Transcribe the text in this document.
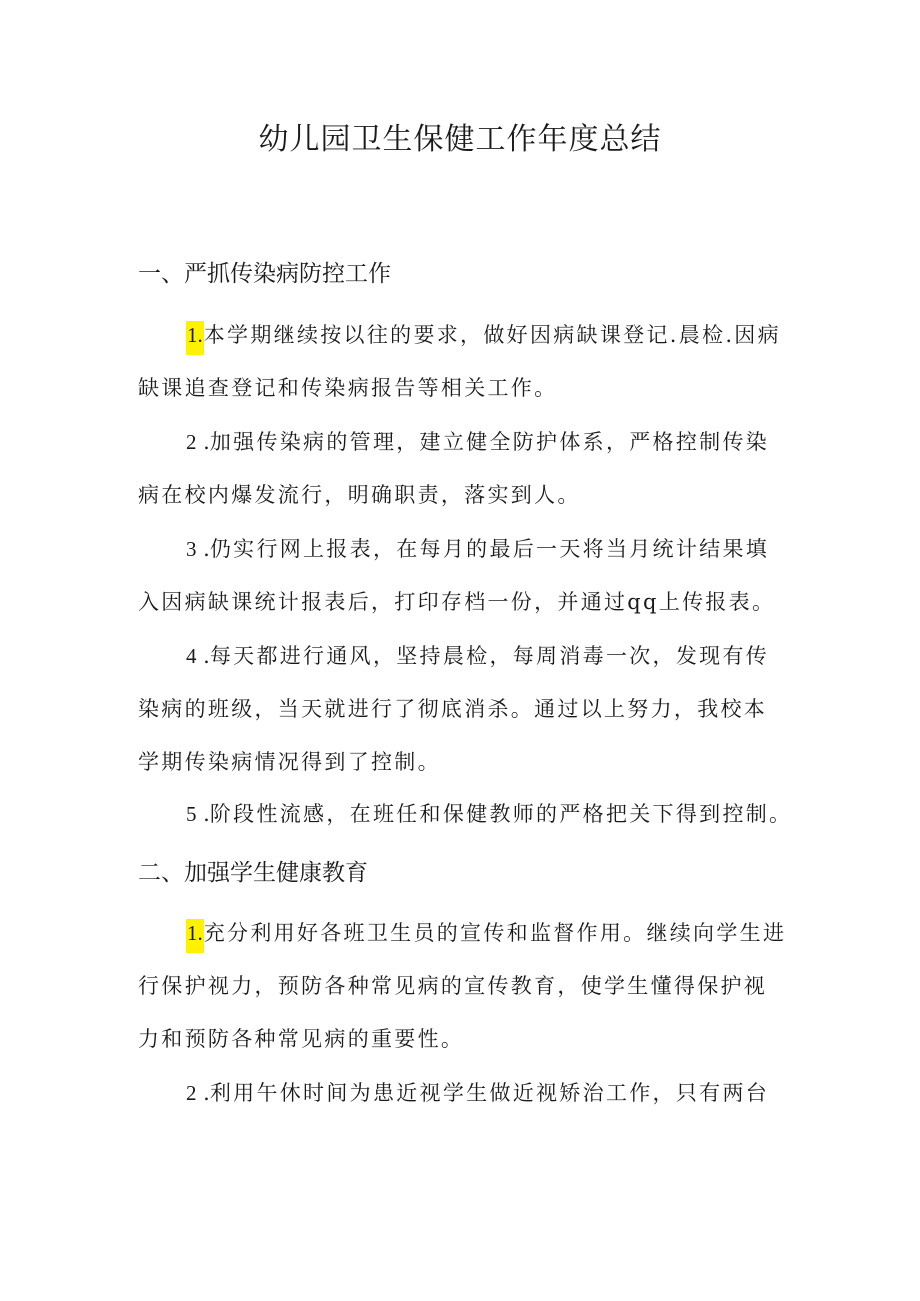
幼儿园卫生保健工作年度总结
一、严抓传染病防控工作
1.本学期继续按以往的要求，做好因病缺课登记.晨检.因病缺课追查登记和传染病报告等相关工作。
2 .加强传染病的管理，建立健全防护体系，严格控制传染病在校内爆发流行，明确职责，落实到人。
3 .仍实行网上报表，在每月的最后一天将当月统计结果填入因病缺课统计报表后，打印存档一份，并通过qq上传报表。
4 .每天都进行通风，坚持晨检，每周消毒一次，发现有传染病的班级，当天就进行了彻底消杀。通过以上努力，我校本学期传染病情况得到了控制。
5 .阶段性流感，在班任和保健教师的严格把关下得到控制。
二、加强学生健康教育
1.充分利用好各班卫生员的宣传和监督作用。继续向学生进行保护视力，预防各种常见病的宣传教育，使学生懂得保护视力和预防各种常见病的重要性。
2 .利用午休时间为患近视学生做近视矫治工作，只有两台
